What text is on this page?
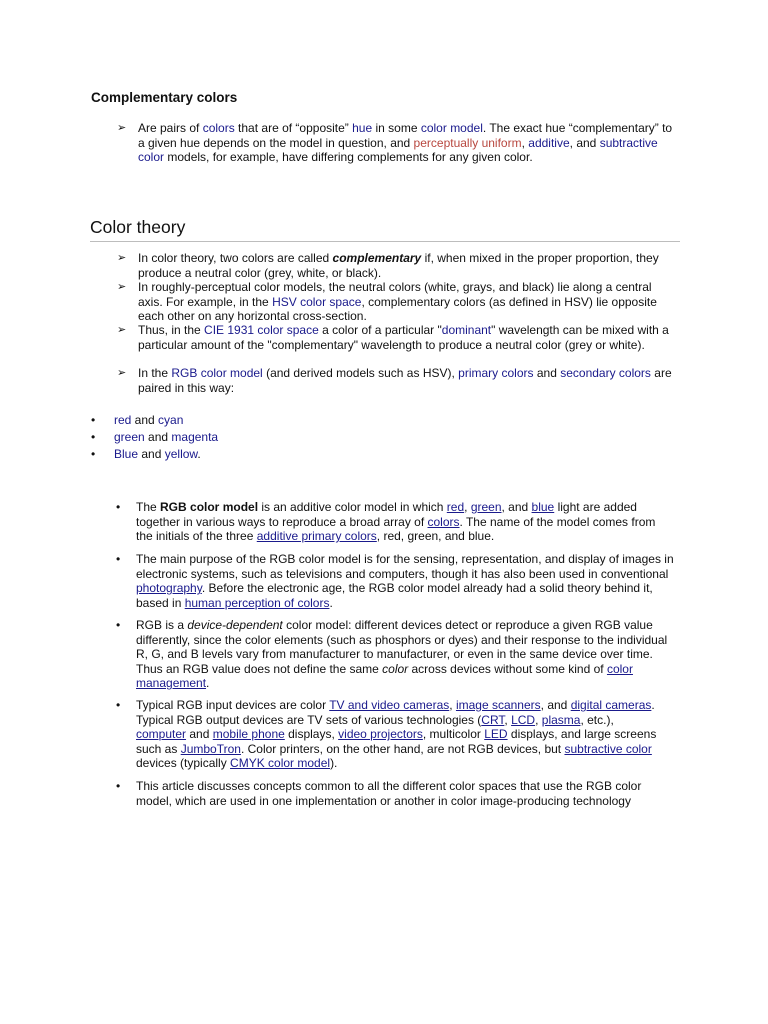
Complementary colors
➢ Are pairs of colors that are of “opposite” hue in some color model. The exact hue “complementary” to a given hue depends on the model in question, and perceptually uniform, additive, and subtractive color models, for example, have differing complements for any given color.
Color theory
➢ In color theory, two colors are called complementary if, when mixed in the proper proportion, they produce a neutral color (grey, white, or black).
➢ In roughly-perceptual color models, the neutral colors (white, grays, and black) lie along a central axis. For example, in the HSV color space, complementary colors (as defined in HSV) lie opposite each other on any horizontal cross-section.
➢ Thus, in the CIE 1931 color space a color of a particular "dominant" wavelength can be mixed with a particular amount of the "complementary" wavelength to produce a neutral color (grey or white).
➢ In the RGB color model (and derived models such as HSV), primary colors and secondary colors are paired in this way:
• red and cyan
• green and magenta
• Blue and yellow.
• The RGB color model is an additive color model in which red, green, and blue light are added together in various ways to reproduce a broad array of colors. The name of the model comes from the initials of the three additive primary colors, red, green, and blue.
• The main purpose of the RGB color model is for the sensing, representation, and display of images in electronic systems, such as televisions and computers, though it has also been used in conventional photography. Before the electronic age, the RGB color model already had a solid theory behind it, based in human perception of colors.
• RGB is a device-dependent color model: different devices detect or reproduce a given RGB value differently, since the color elements (such as phosphors or dyes) and their response to the individual R, G, and B levels vary from manufacturer to manufacturer, or even in the same device over time. Thus an RGB value does not define the same color across devices without some kind of color management.
• Typical RGB input devices are color TV and video cameras, image scanners, and digital cameras. Typical RGB output devices are TV sets of various technologies (CRT, LCD, plasma, etc.), computer and mobile phone displays, video projectors, multicolor LED displays, and large screens such as JumboTron. Color printers, on the other hand, are not RGB devices, but subtractive color devices (typically CMYK color model).
• This article discusses concepts common to all the different color spaces that use the RGB color model, which are used in one implementation or another in color image-producing technology
